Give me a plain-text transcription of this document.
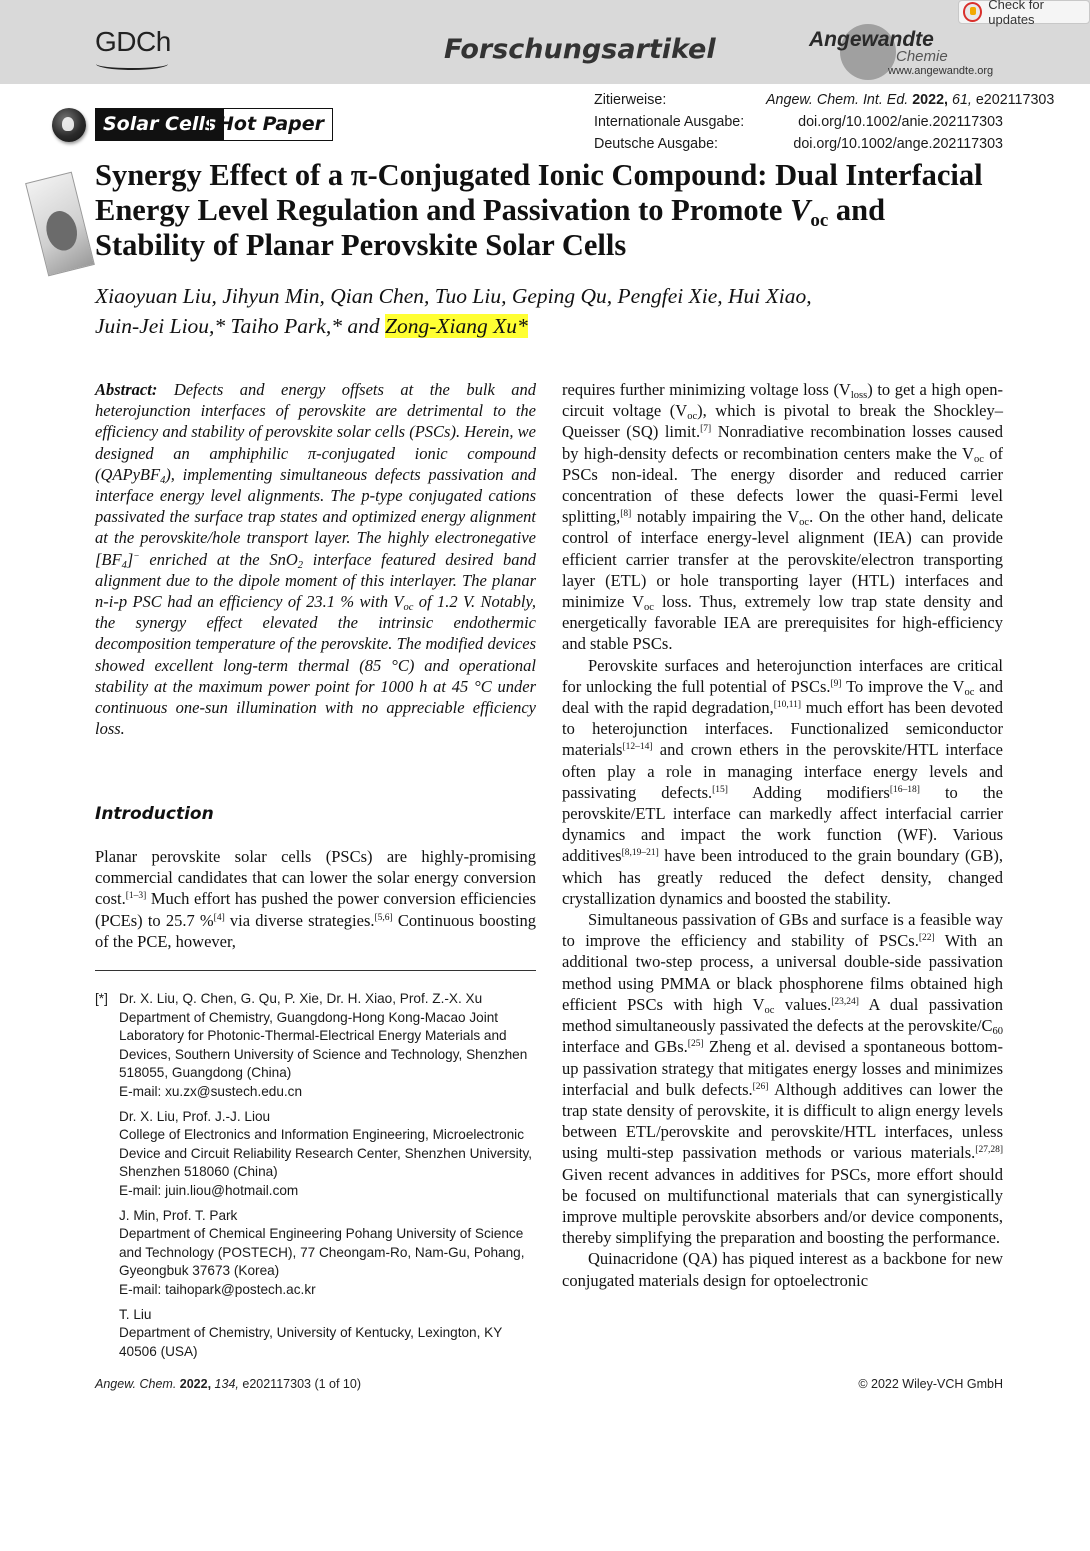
GDCh	Forschungsartikel	Angewandte
Chemie
www.angewandte.org
Check for updates
Solar Cells Hot Paper
Zitierweise:	Angew. Chem. Int. Ed. 2022, 61, e202117303
Internationale Ausgabe:	doi.org/10.1002/anie.202117303
Deutsche Ausgabe:	doi.org/10.1002/ange.202117303
Synergy Effect of a π-Conjugated Ionic Compound: Dual Interfacial
Energy Level Regulation and Passivation to Promote Voc and
Stability of Planar Perovskite Solar Cells
Xiaoyuan Liu, Jihyun Min, Qian Chen, Tuo Liu, Geping Qu, Pengfei Xie, Hui Xiao,
Juin-Jei Liou,* Taiho Park,* and Zong-Xiang Xu*
Abstract: Defects and energy offsets at the bulk and heterojunction interfaces of perovskite are detrimental to the efficiency and stability of perovskite solar cells (PSCs). Herein, we designed an amphiphilic π-conjugated ionic compound (QAPyBF$_4$), implementing simultaneous defects passivation and interface energy level alignments. The p-type conjugated cations passivated the surface trap states and optimized energy alignment at the perovskite/hole transport layer. The highly electronegative $[BF_4]^-$ enriched at the SnO$_2$ interface featured desired band alignment due to the dipole moment of this interlayer. The planar n-i-p PSC had an efficiency of 23.1 % with $V_{oc}$ of 1.2 V. Notably, the synergy effect elevated the intrinsic endothermic decomposition temperature of the perovskite. The modified devices showed excellent long-term thermal (85 °C) and operational stability at the maximum power point for 1000 h at 45 °C under continuous one-sun illumination with no appreciable efficiency loss.
Introduction
Planar perovskite solar cells (PSCs) are highly-promising commercial candidates that can lower the solar energy conversion cost.[1–3] Much effort has pushed the power conversion efficiencies (PCEs) to 25.7 %[4] via diverse strategies.[5,6] Continuous boosting of the PCE, however,
[*] Dr. X. Liu, Q. Chen, G. Qu, P. Xie, Dr. H. Xiao, Prof. Z.-X. Xu
Department of Chemistry, Guangdong-Hong Kong-Macao Joint Laboratory for Photonic-Thermal-Electrical Energy Materials and Devices, Southern University of Science and Technology, Shenzhen 518055, Guangdong (China)
E-mail: xu.zx@sustech.edu.cn
Dr. X. Liu, Prof. J.-J. Liou
College of Electronics and Information Engineering, Microelectronic Device and Circuit Reliability Research Center, Shenzhen University, Shenzhen 518060 (China)
E-mail: juin.liou@hotmail.com
J. Min, Prof. T. Park
Department of Chemical Engineering Pohang University of Science and Technology (POSTECH), 77 Cheongam-Ro, Nam-Gu, Pohang, Gyeongbuk 37673 (Korea)
E-mail: taihopark@postech.ac.kr
T. Liu
Department of Chemistry, University of Kentucky, Lexington, KY 40506 (USA)
requires further minimizing voltage loss $(V_{loss})$ to get a high open-circuit voltage $(V_{oc})$, which is pivotal to break the Shockley–Queisser (SQ) limit.[7] Nonradiative recombination losses caused by high-density defects or recombination centers make the $V_{oc}$ of PSCs non-ideal. The energy disorder and reduced carrier concentration of these defects lower the quasi-Fermi level splitting,[8] notably impairing the $V_{oc}$. On the other hand, delicate control of interface energy-level alignment (IEA) can provide efficient carrier transfer at the perovskite/electron transporting layer (ETL) or hole transporting layer (HTL) interfaces and minimize $V_{oc}$ loss. Thus, extremely low trap state density and energetically favorable IEA are prerequisites for high-efficiency and stable PSCs.
Perovskite surfaces and heterojunction interfaces are critical for unlocking the full potential of PSCs.[9] To improve the $V_{oc}$ and deal with the rapid degradation,[10,11] much effort has been devoted to heterojunction interfaces. Functionalized semiconductor materials[12–14] and crown ethers in the perovskite/HTL interface often play a role in managing interface energy levels and passivating defects.[15] Adding modifiers[16–18] to the perovskite/ETL interface can markedly affect interfacial carrier dynamics and impact the work function (WF). Various additives[8,19–21] have been introduced to the grain boundary (GB), which has greatly reduced the defect density, changed crystallization dynamics and boosted the stability.
Simultaneous passivation of GBs and surface is a feasible way to improve the efficiency and stability of PSCs.[22] With an additional two-step process, a universal double-side passivation method using PMMA or black phosphorene films obtained high efficient PSCs with high $V_{oc}$ values.[23,24] A dual passivation method simultaneously passivated the defects at the perovskite/$C_{60}$ interface and GBs.[25] Zheng et al. devised a spontaneous bottom-up passivation strategy that mitigates energy losses and minimizes interfacial and bulk defects.[26] Although additives can lower the trap state density of perovskite, it is difficult to align energy levels between ETL/perovskite and perovskite/HTL interfaces, unless using multi-step passivation methods or various materials.[27,28] Given recent advances in additives for PSCs, more effort should be focused on multifunctional materials that can synergistically improve multiple perovskite absorbers and/or device components, thereby simplifying the preparation and boosting the performance.
Quinacridone (QA) has piqued interest as a backbone for new conjugated materials design for optoelectronic
Angew. Chem. 2022, 134, e202117303 (1 of 10)	© 2022 Wiley-VCH GmbH
